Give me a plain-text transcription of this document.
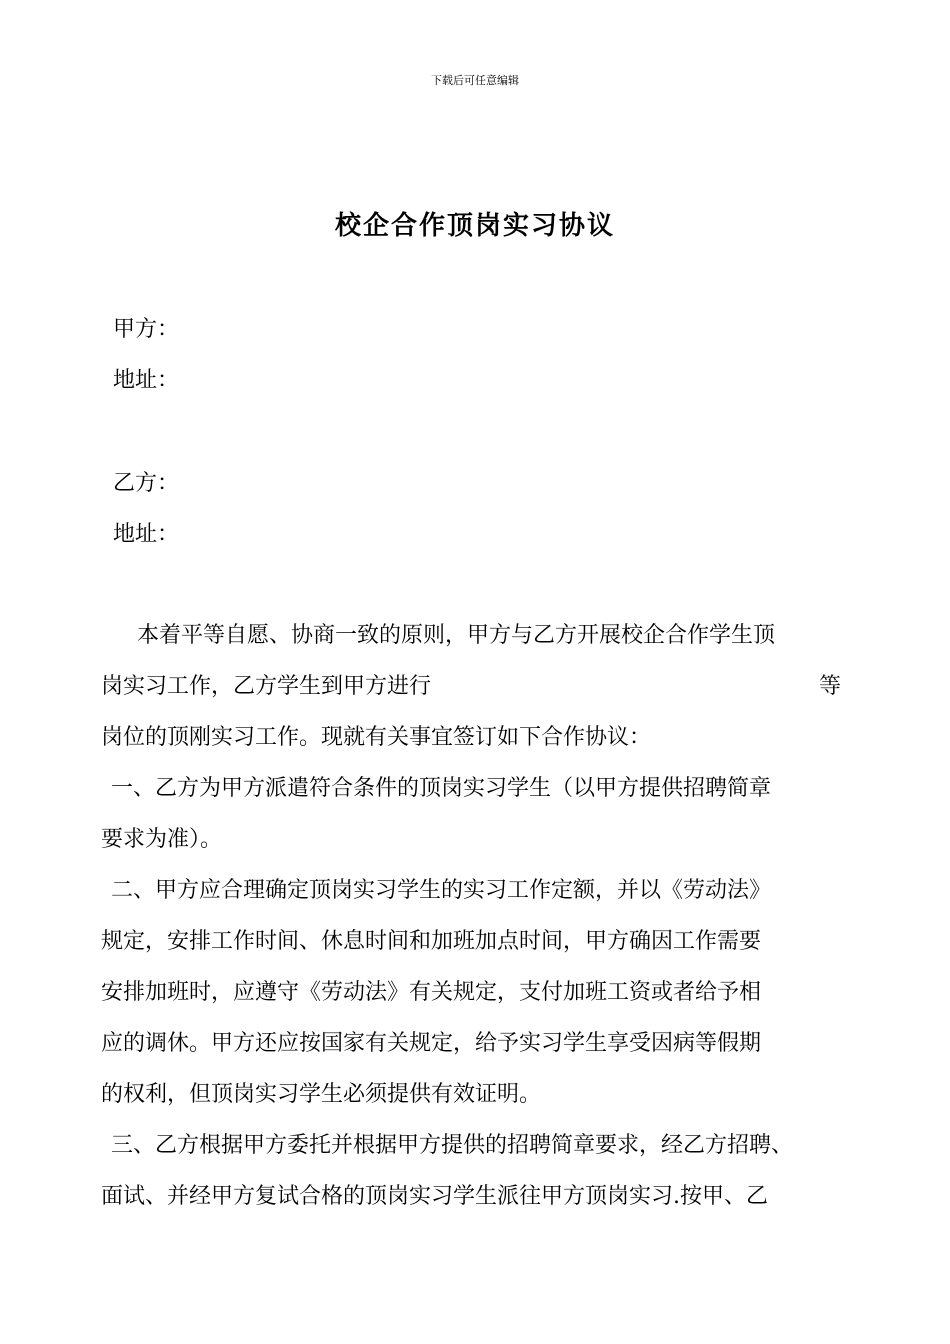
下载后可任意编辑
校企合作顶岗实习协议
甲方：
地址：
乙方：
地址：
本着平等自愿、协商一致的原则，甲方与乙方开展校企合作学生顶
岗实习工作，乙方学生到甲方进行	等
岗位的顶刚实习工作。现就有关事宜签订如下合作协议：
一、乙方为甲方派遣符合条件的顶岗实习学生（以甲方提供招聘简章
要求为准）。
二、甲方应合理确定顶岗实习学生的实习工作定额，并以《劳动法》
规定，安排工作时间、休息时间和加班加点时间，甲方确因工作需要
安排加班时，应遵守《劳动法》有关规定，支付加班工资或者给予相
应的调休。甲方还应按国家有关规定，给予实习学生享受因病等假期
的权利，但顶岗实习学生必须提供有效证明。
三、乙方根据甲方委托并根据甲方提供的招聘简章要求，经乙方招聘、
面试、并经甲方复试合格的顶岗实习学生派往甲方顶岗实习.按甲、乙
